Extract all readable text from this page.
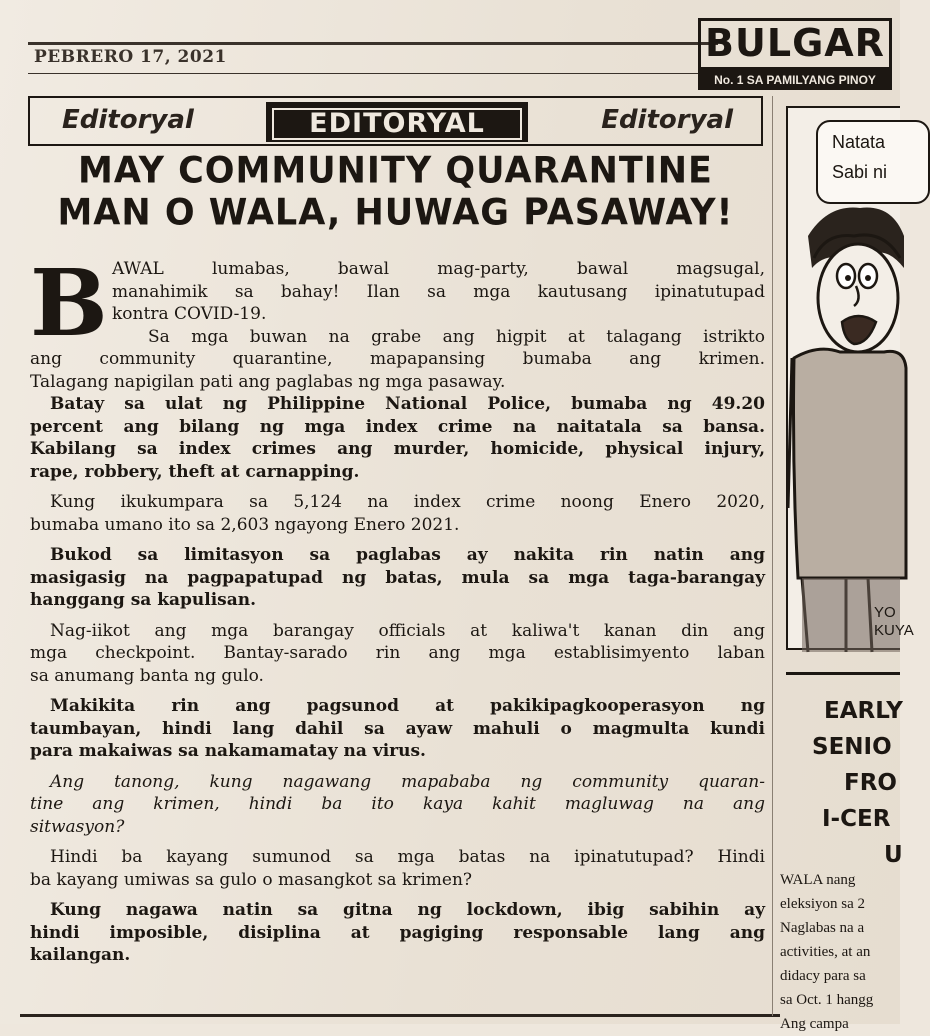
PEBRERO 17, 2021	BULGAR
No. 1 SA PAMILYANG PINOY
Editoryal	EDITORYAL	Editoryal
MAY COMMUNITY QUARANTINE
MAN O WALA, HUWAG PASAWAY!
B AWAL lumabas, bawal mag-party, bawal magsugal,
manahimik sa bahay! Ilan sa mga kautusang ipinatutupad
kontra COVID-19.
Sa mga buwan na grabe ang higpit at talagang istrikto
ang community quarantine, mapapansing bumaba ang krimen.
Talagang napigilan pati ang paglabas ng mga pasaway.
Batay sa ulat ng Philippine National Police, bumaba ng 49.20
percent ang bilang ng mga index crime na naitatala sa bansa.
Kabilang sa index crimes ang murder, homicide, physical injury,
rape, robbery, theft at carnapping.
Kung ikukumpara sa 5,124 na index crime noong Enero 2020,
bumaba umano ito sa 2,603 ngayong Enero 2021.
Bukod sa limitasyon sa paglabas ay nakita rin natin ang
masigasig na pagpapatupad ng batas, mula sa mga taga-barangay
hanggang sa kapulisan.
Nag-iikot ang mga barangay officials at kaliwa't kanan din ang
mga checkpoint. Bantay-sarado rin ang mga establisimyento laban
sa anumang banta ng gulo.
Makikita rin ang pagsunod at pakikipagkooperasyon ng
taumbayan, hindi lang dahil sa ayaw mahuli o magmulta kundi
para makaiwas sa nakamamatay na virus.
Ang tanong, kung nagawang mapababa ng community quaran-
tine ang krimen, hindi ba ito kaya kahit magluwag na ang
sitwasyon?
Hindi ba kayang sumunod sa mga batas na ipinatutupad? Hindi
ba kayang umiwas sa gulo o masangkot sa krimen?
Kung nagawa natin sa gitna ng lockdown, ibig sabihin ay
hindi imposible, disiplina at pagiging responsable lang ang
kailangan.
Natata
Sabi ni
YO
KUYA
EARLY
SENIO
FRO
I-CER
U
WALA nang
eleksiyon sa 2
Naglabas na a
activities, at an
didacy para sa
sa Oct. 1 hangg
Ang campa
